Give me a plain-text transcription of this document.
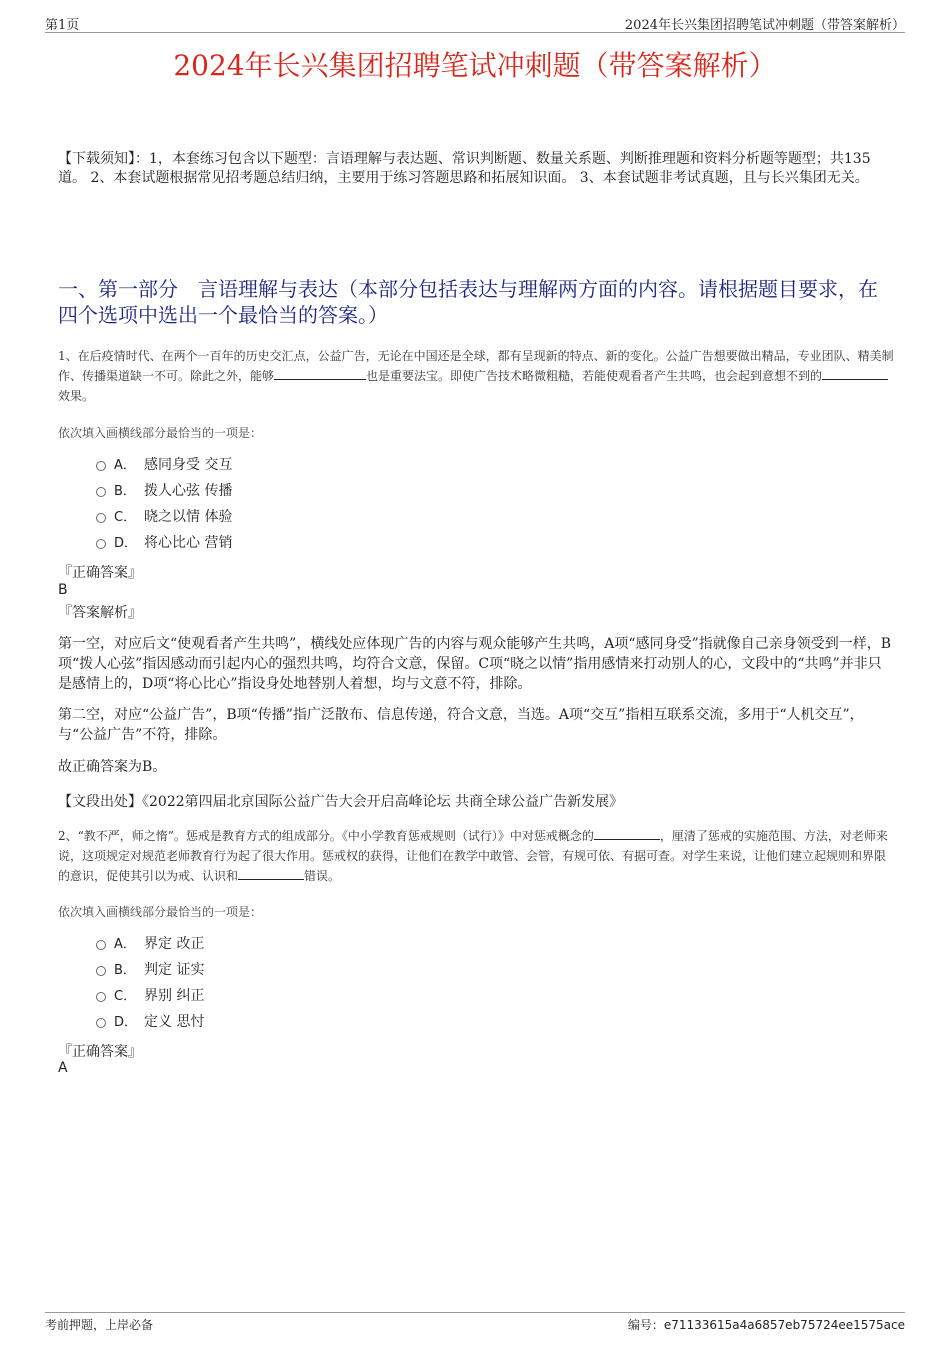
第1页	2024年长兴集团招聘笔试冲刺题（带答案解析）
2024年长兴集团招聘笔试冲刺题（带答案解析）
【下载须知】：1，本套练习包含以下题型：言语理解与表达题、常识判断题、数量关系题、判断推理题和资料分析题等题型；共135道。 2、本套试题根据常见招考题总结归纳，主要用于练习答题思路和拓展知识面。 3、本套试题非考试真题，且与长兴集团无关。
一、第一部分　言语理解与表达（本部分包括表达与理解两方面的内容。请根据题目要求，在四个选项中选出一个最恰当的答案。）
1、在后疫情时代、在两个一百年的历史交汇点，公益广告，无论在中国还是全球，都有呈现新的特点、新的变化。公益广告想要做出精品，专业团队、精美制作、传播渠道缺一不可。除此之外，能够	也是重要法宝。即使广告技术略微粗糙，若能使观看者产生共鸣，也会起到意想不到的效果。
依次填入画横线部分最恰当的一项是：
A． 感同身受 交互
B． 拨人心弦 传播
C． 晓之以情 体验
D． 将心比心 营销
『正确答案』
B
『答案解析』
第一空，对应后文“使观看者产生共鸣”，横线处应体现广告的内容与观众能够产生共鸣，A项“感同身受”指就像自己亲身领受到一样，B项“拨人心弦”指因感动而引起内心的强烈共鸣，均符合文意，保留。C项“晓之以情”指用感情来打动别人的心，文段中的“共鸣”并非只是感情上的，D项“将心比心”指设身处地替别人着想，均与文意不符，排除。
第二空，对应“公益广告”，B项“传播”指广泛散布、信息传递，符合文意，当选。A项“交互”指相互联系交流，多用于“人机交互”，与“公益广告”不符，排除。
故正确答案为B。
【文段出处】《2022第四届北京国际公益广告大会开启高峰论坛 共商全球公益广告新发展》
2、“教不严，师之惰”。惩戒是教育方式的组成部分。《中小学教育惩戒规则（试行）》中对惩戒概念的	，厘清了惩戒的实施范围、方法，对老师来说，这项规定对规范老师教育行为起了很大作用。惩戒权的获得，让他们在教学中敢管、会管，有规可依、有据可查。对学生来说，让他们建立起规则和界限的意识，促使其引以为戒、认识和	错误。
依次填入画横线部分最恰当的一项是：
A． 界定 改正
B． 判定 证实
C． 界别 纠正
D． 定义 思忖
『正确答案』
A
考前押题，上岸必备	编号：e71133615a4a6857eb75724ee1575ace
